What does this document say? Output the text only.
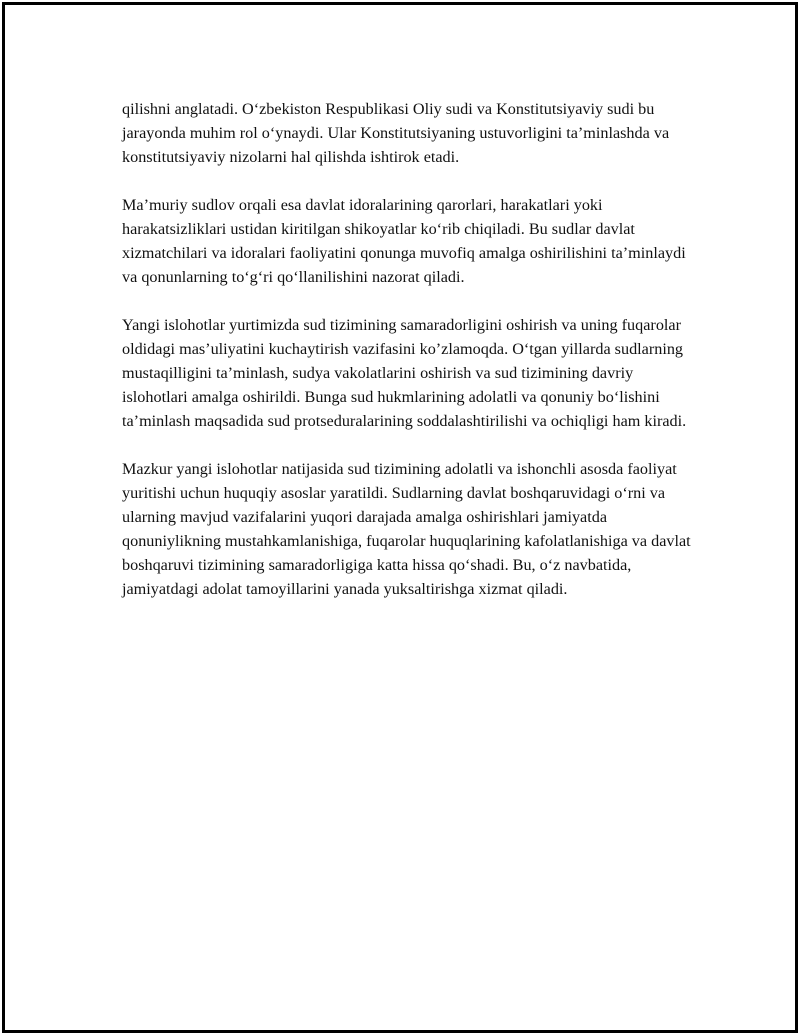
qilishni anglatadi. O‘zbekiston Respublikasi Oliy sudi va Konstitutsiyaviy sudi bu jarayonda muhim rol o‘ynaydi. Ular Konstitutsiyaning ustuvorligini ta’minlashda va konstitutsiyaviy nizolarni hal qilishda ishtirok etadi.

Ma’muriy sudlov orqali esa davlat idoralarining qarorlari, harakatlari yoki harakatsizliklari ustidan kiritilgan shikoyatlar ko‘rib chiqiladi. Bu sudlar davlat xizmatchilari va idoralari faoliyatini qonunga muvofiq amalga oshirilishini ta’minlaydi va qonunlarning to‘g‘ri qo‘llanilishini nazorat qiladi.

Yangi islohotlar yurtimizda sud tizimining samaradorligini oshirish va uning fuqarolar oldidagi mas’uliyatini kuchaytirish vazifasini ko’zlamoqda. O‘tgan yillarda sudlarning mustaqilligini ta’minlash, sudya vakolatlarini oshirish va sud tizimining davriy islohotlari amalga oshirildi. Bunga sud hukmlarining adolatli va qonuniy bo‘lishini ta’minlash maqsadida sud protseduralarining soddalashtirilishi va ochiqligi ham kiradi.

Mazkur yangi islohotlar natijasida sud tizimining adolatli va ishonchli asosda faoliyat yuritishi uchun huquqiy asoslar yaratildi. Sudlarning davlat boshqaruvidagi o‘rni va ularning mavjud vazifalarini yuqori darajada amalga oshirishlari jamiyatda qonuniylikning mustahkamlanishiga, fuqarolar huquqlarining kafolatlanishiga va davlat boshqaruvi tizimining samaradorligiga katta hissa qo‘shadi. Bu, o‘z navbatida, jamiyatdagi adolat tamoyillarini yanada yuksaltirishga xizmat qiladi.
